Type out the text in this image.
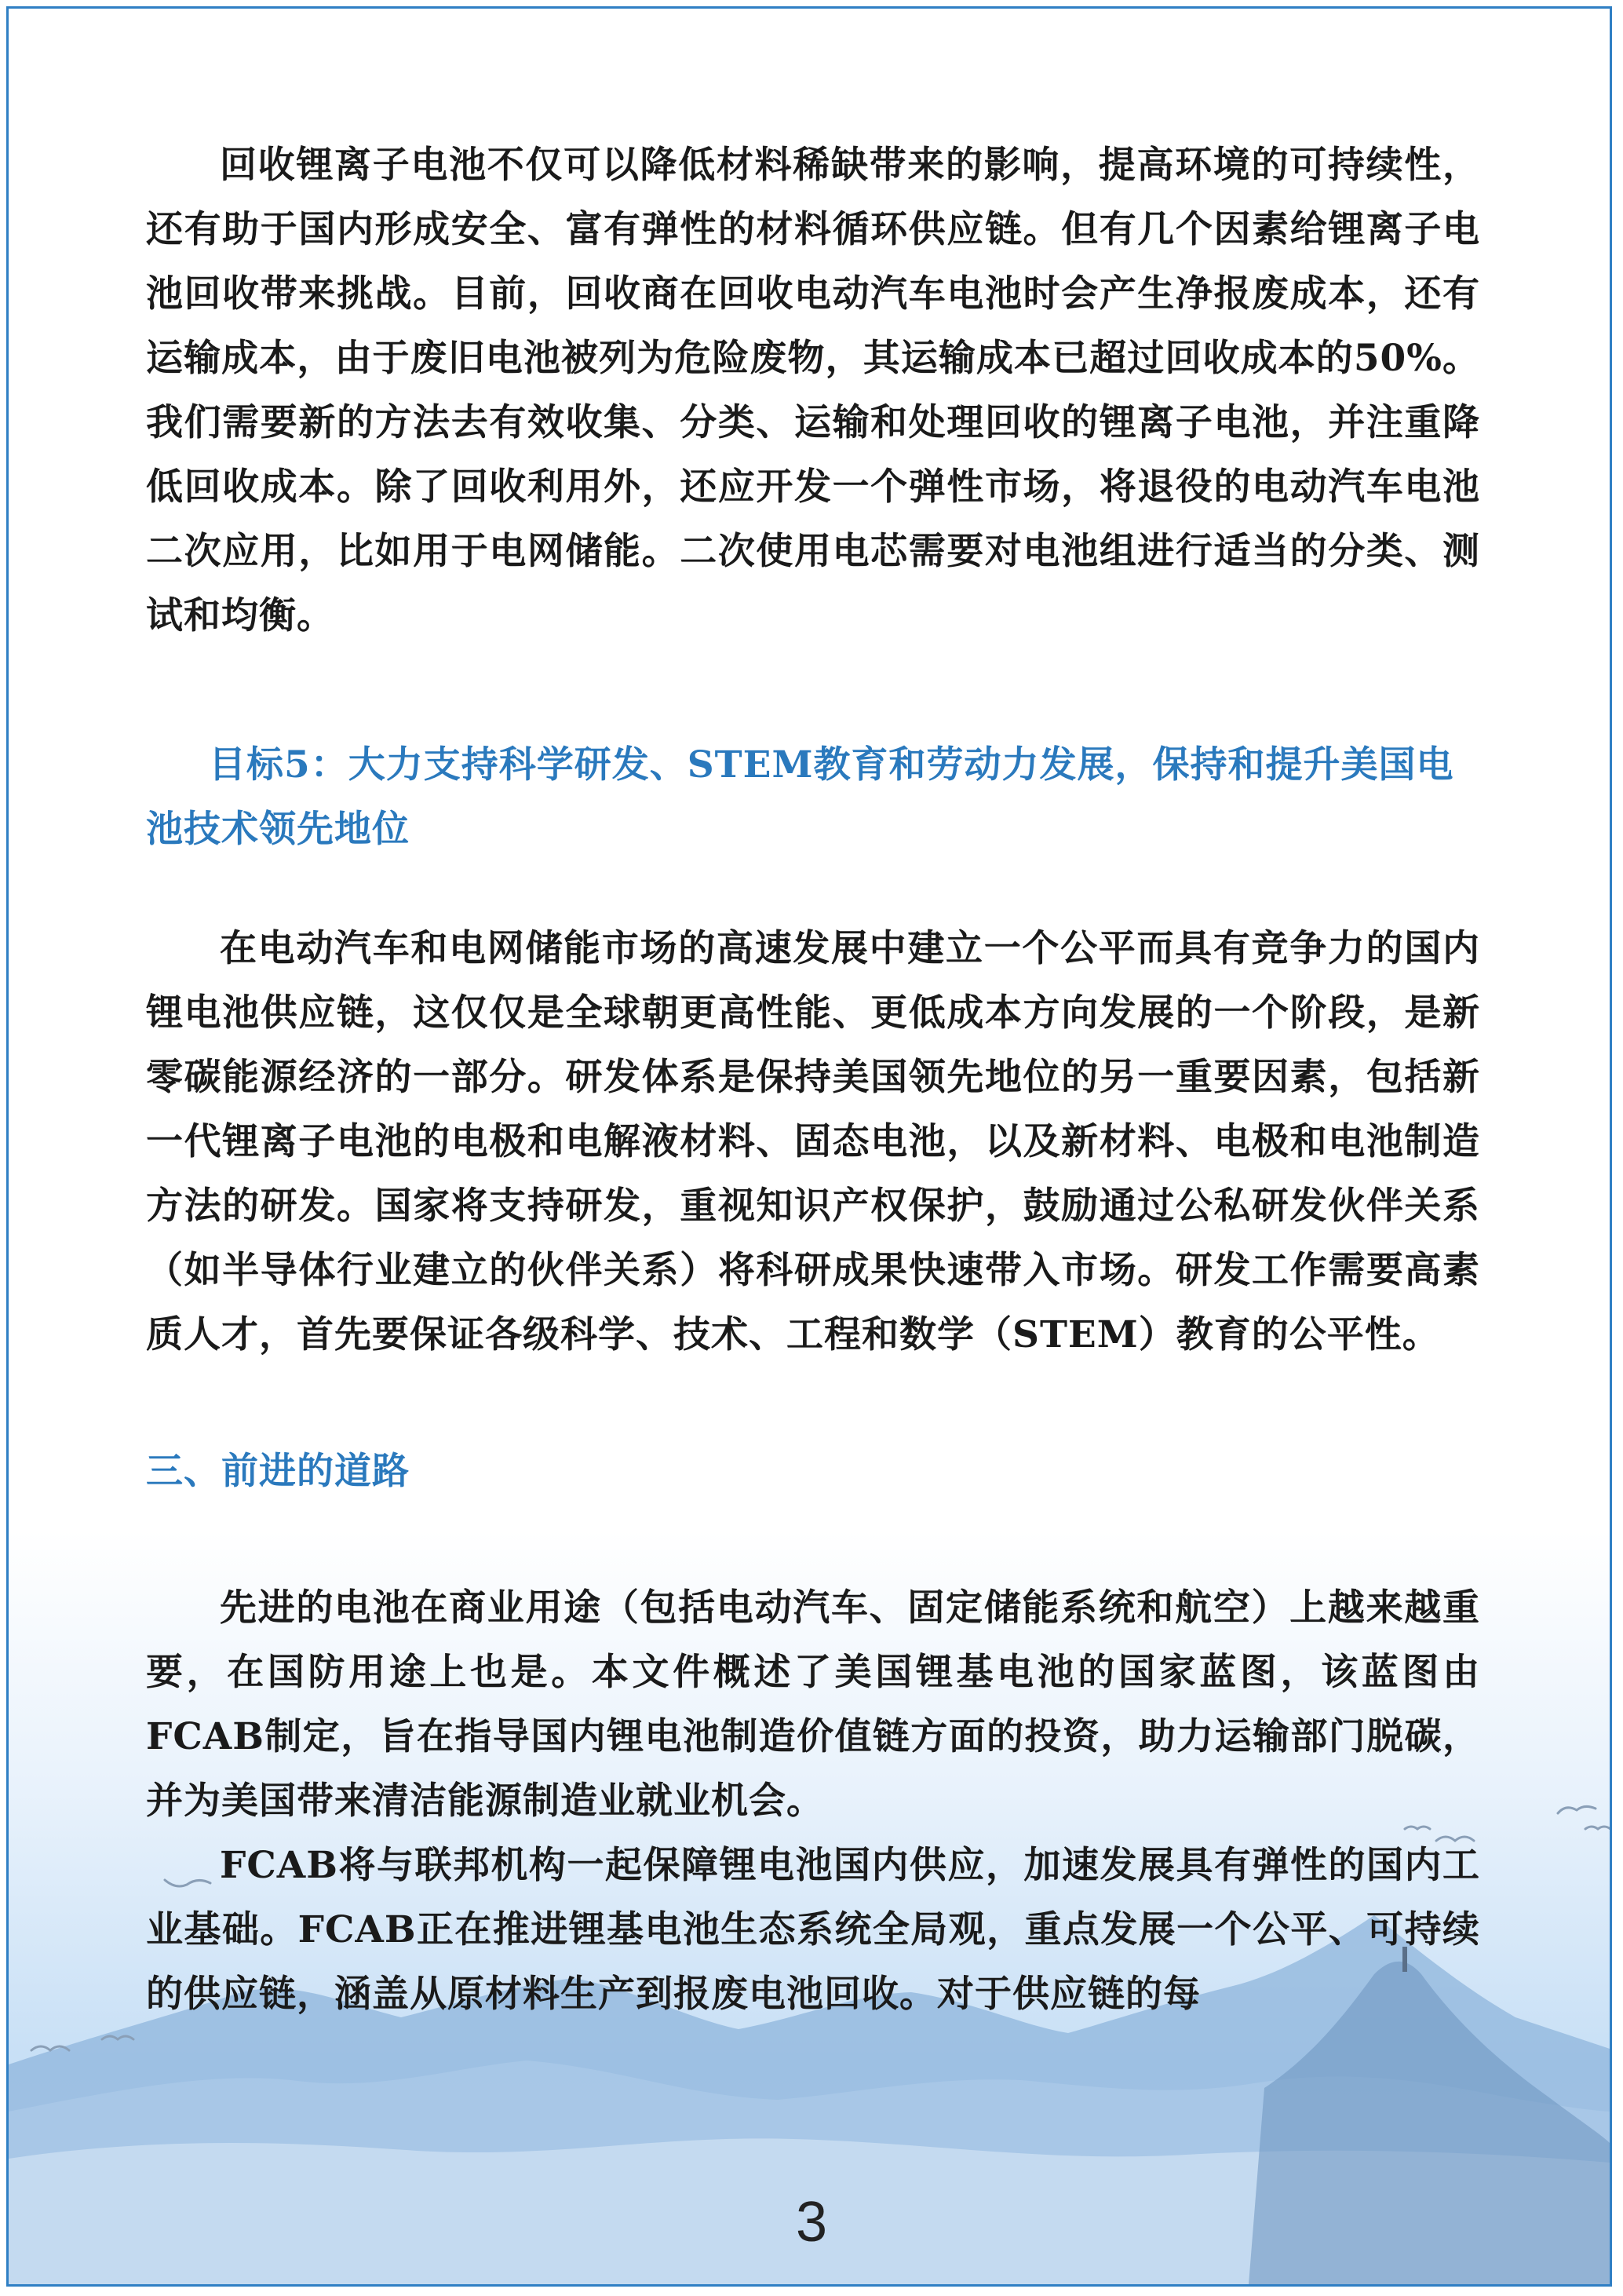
回收锂离子电池不仅可以降低材料稀缺带来的影响，提高环境的可持续性，还有助于国内形成安全、富有弹性的材料循环供应链。但有几个因素给锂离子电池回收带来挑战。目前，回收商在回收电动汽车电池时会产生净报废成本，还有运输成本，由于废旧电池被列为危险废物，其运输成本已超过回收成本的50%。我们需要新的方法去有效收集、分类、运输和处理回收的锂离子电池，并注重降低回收成本。除了回收利用外，还应开发一个弹性市场，将退役的电动汽车电池二次应用，比如用于电网储能。二次使用电芯需要对电池组进行适当的分类、测试和均衡。

目标5：大力支持科学研发、STEM教育和劳动力发展，保持和提升美国电池技术领先地位

在电动汽车和电网储能市场的高速发展中建立一个公平而具有竞争力的国内锂电池供应链，这仅仅是全球朝更高性能、更低成本方向发展的一个阶段，是新零碳能源经济的一部分。研发体系是保持美国领先地位的另一重要因素，包括新一代锂离子电池的电极和电解液材料、固态电池，以及新材料、电极和电池制造方法的研发。国家将支持研发，重视知识产权保护，鼓励通过公私研发伙伴关系（如半导体行业建立的伙伴关系）将科研成果快速带入市场。研发工作需要高素质人才，首先要保证各级科学、技术、工程和数学（STEM）教育的公平性。

三、前进的道路

先进的电池在商业用途（包括电动汽车、固定储能系统和航空）上越来越重要，在国防用途上也是。本文件概述了美国锂基电池的国家蓝图，该蓝图由FCAB制定，旨在指导国内锂电池制造价值链方面的投资，助力运输部门脱碳，并为美国带来清洁能源制造业就业机会。

FCAB将与联邦机构一起保障锂电池国内供应，加速发展具有弹性的国内工业基础。FCAB正在推进锂基电池生态系统全局观，重点发展一个公平、可持续的供应链，涵盖从原材料生产到报废电池回收。对于供应链的每

3
